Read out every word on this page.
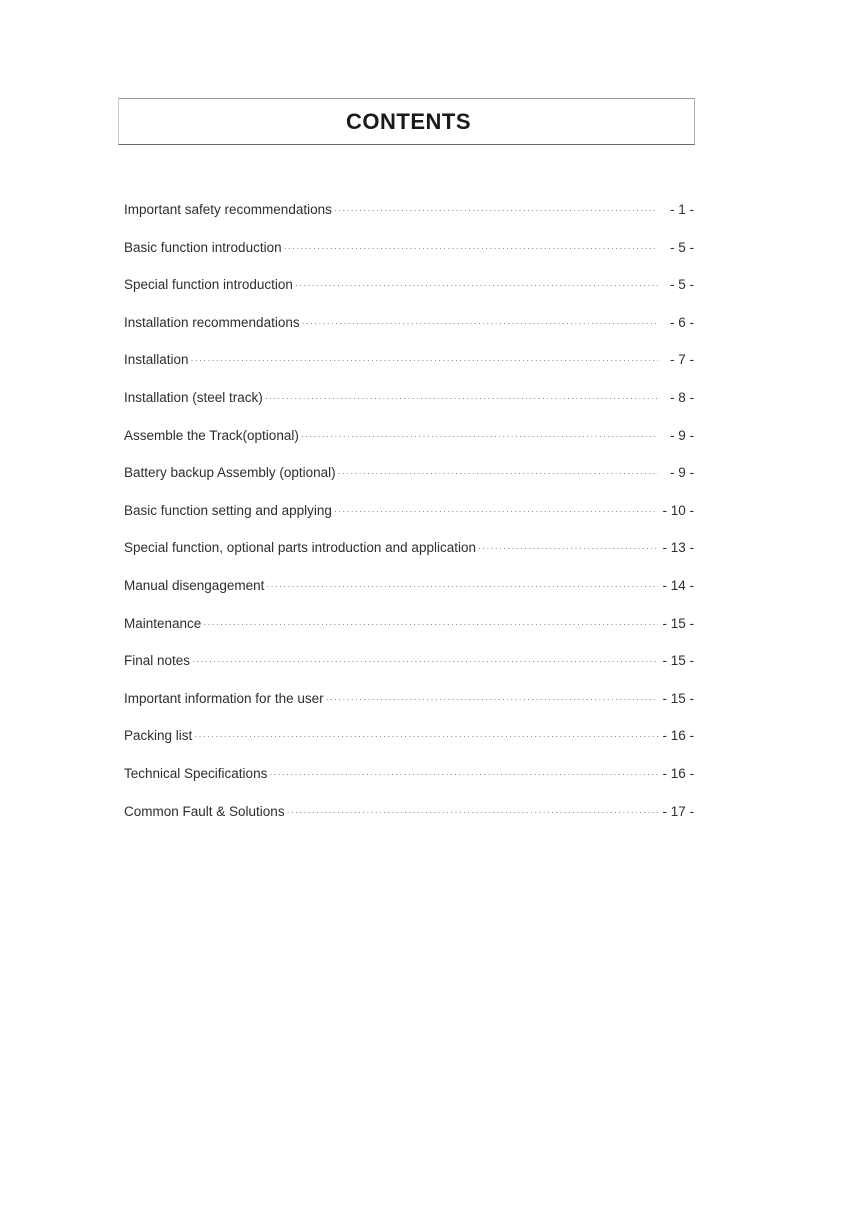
CONTENTS
Important safety recommendations ·····	- 1 -
Basic function introduction ·····	- 5 -
Special function introduction ·····	- 5 -
Installation recommendations ·····	- 6 -
Installation ·····	- 7 -
Installation (steel track) ·····	- 8 -
Assemble the Track(optional) ·····	- 9 -
Battery backup Assembly (optional) ·····	- 9 -
Basic function setting and applying ·····	- 10 -
Special function, optional parts introduction and application ·····	- 13 -
Manual disengagement ·····	- 14 -
Maintenance ·····	- 15 -
Final notes ·····	- 15 -
Important information for the user ·····	- 15 -
Packing list ·····	- 16 -
Technical Specifications ·····	- 16 -
Common Fault & Solutions ·····	- 17 -
